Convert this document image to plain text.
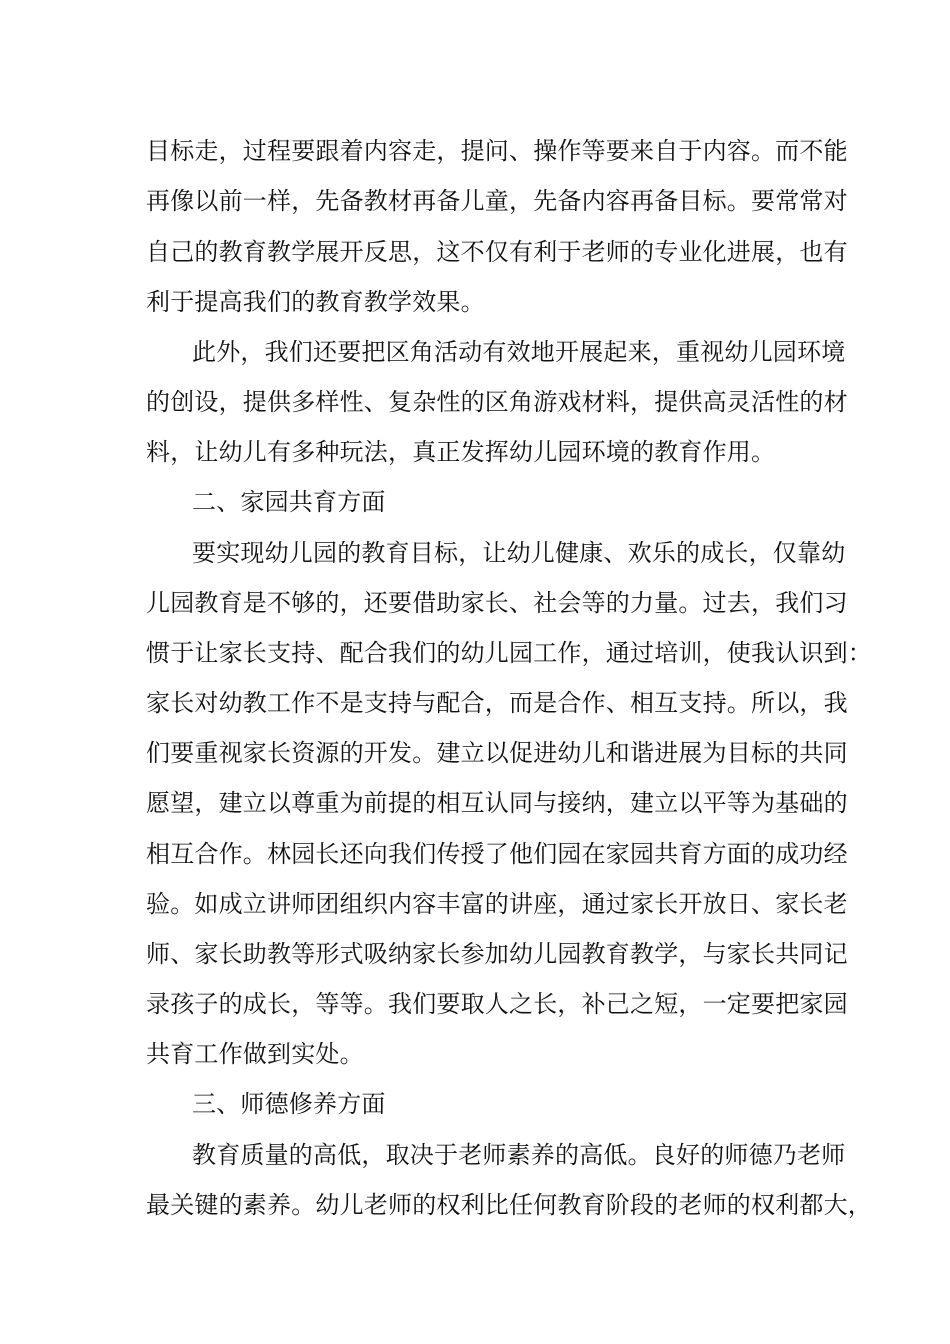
目标走，过程要跟着内容走，提问、操作等要来自于内容。而不能
再像以前一样，先备教材再备儿童，先备内容再备目标。要常常对
自己的教育教学展开反思，这不仅有利于老师的专业化进展，也有
利于提高我们的教育教学效果。
此外，我们还要把区角活动有效地开展起来，重视幼儿园环境
的创设，提供多样性、复杂性的区角游戏材料，提供高灵活性的材
料，让幼儿有多种玩法，真正发挥幼儿园环境的教育作用。
二、家园共育方面
要实现幼儿园的教育目标，让幼儿健康、欢乐的成长，仅靠幼
儿园教育是不够的，还要借助家长、社会等的力量。过去，我们习
惯于让家长支持、配合我们的幼儿园工作，通过培训，使我认识到：
家长对幼教工作不是支持与配合，而是合作、相互支持。所以，我
们要重视家长资源的开发。建立以促进幼儿和谐进展为目标的共同
愿望，建立以尊重为前提的相互认同与接纳，建立以平等为基础的
相互合作。林园长还向我们传授了他们园在家园共育方面的成功经
验。如成立讲师团组织内容丰富的讲座，通过家长开放日、家长老
师、家长助教等形式吸纳家长参加幼儿园教育教学，与家长共同记
录孩子的成长，等等。我们要取人之长，补己之短，一定要把家园
共育工作做到实处。
三、师德修养方面
教育质量的高低，取决于老师素养的高低。良好的师德乃老师
最关键的素养。幼儿老师的权利比任何教育阶段的老师的权利都大，
